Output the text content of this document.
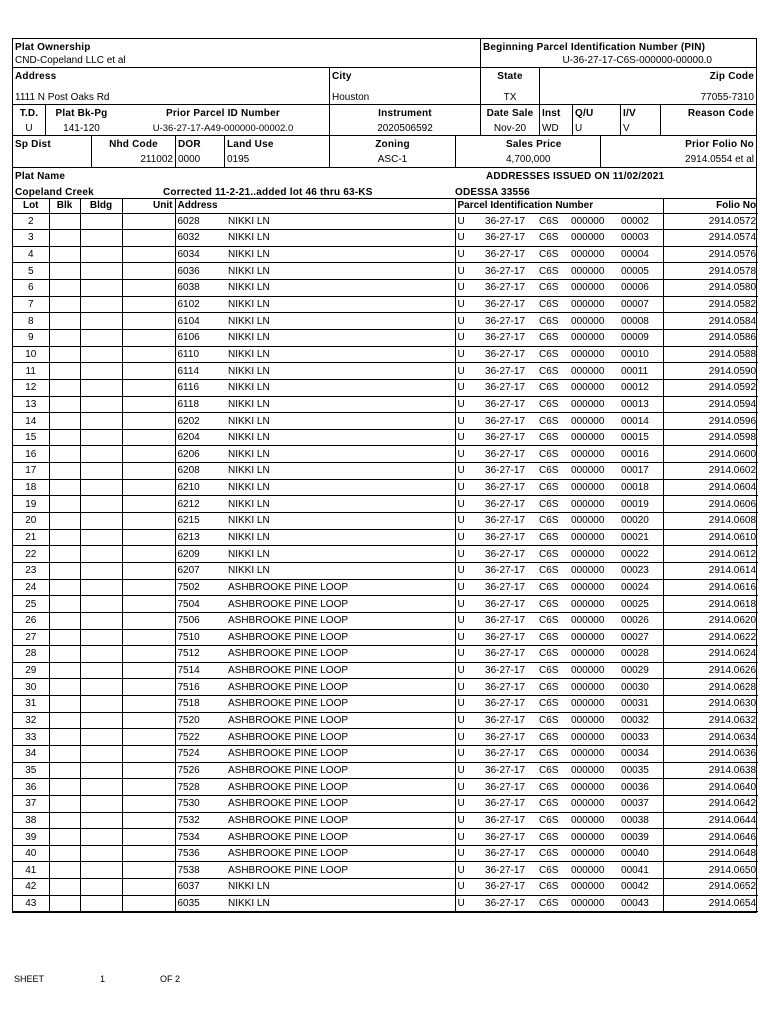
Plat Ownership
CND-Copeland LLC et al
Beginning Parcel Identification Number (PIN)
U-36-27-17-C6S-000000-00000.0
Address
1111 N Post Oaks Rd
City
Houston
State
TX
Zip Code
77055-7310
T.D.
U
Plat Bk-Pg
141-120
Prior Parcel ID Number
U-36-27-17-A49-000000-00002.0
Instrument
2020506592
Date Sale
Nov-20
Inst
WD
Q/U
U
I/V
V
Reason Code
Sp Dist	Nhd Code
211002
DOR
0000
Land Use
0195
Zoning
ASC-1
Sales Price
4,700,000
Prior Folio No
2914.0554 et al
Plat Name	ADDRESSES ISSUED ON 11/02/2021
Copeland Creek	Corrected 11-2-21..added lot 46 thru 63-KS	ODESSA 33556
Lot	Blk	Bldg	Unit	Address		Parcel Identification Number					Folio No
2				6028	NIKKI LN	U	36-27-17	C6S	000000	00002	2914.0572
3				6032	NIKKI LN	U	36-27-17	C6S	000000	00003	2914.0574
4				6034	NIKKI LN	U	36-27-17	C6S	000000	00004	2914.0576
5				6036	NIKKI LN	U	36-27-17	C6S	000000	00005	2914.0578
6				6038	NIKKI LN	U	36-27-17	C6S	000000	00006	2914.0580
7				6102	NIKKI LN	U	36-27-17	C6S	000000	00007	2914.0582
8				6104	NIKKI LN	U	36-27-17	C6S	000000	00008	2914.0584
9				6106	NIKKI LN	U	36-27-17	C6S	000000	00009	2914.0586
10				6110	NIKKI LN	U	36-27-17	C6S	000000	00010	2914.0588
11				6114	NIKKI LN	U	36-27-17	C6S	000000	00011	2914.0590
12				6116	NIKKI LN	U	36-27-17	C6S	000000	00012	2914.0592
13				6118	NIKKI LN	U	36-27-17	C6S	000000	00013	2914.0594
14				6202	NIKKI LN	U	36-27-17	C6S	000000	00014	2914.0596
15				6204	NIKKI LN	U	36-27-17	C6S	000000	00015	2914.0598
16				6206	NIKKI LN	U	36-27-17	C6S	000000	00016	2914.0600
17				6208	NIKKI LN	U	36-27-17	C6S	000000	00017	2914.0602
18				6210	NIKKI LN	U	36-27-17	C6S	000000	00018	2914.0604
19				6212	NIKKI LN	U	36-27-17	C6S	000000	00019	2914.0606
20				6215	NIKKI LN	U	36-27-17	C6S	000000	00020	2914.0608
21				6213	NIKKI LN	U	36-27-17	C6S	000000	00021	2914.0610
22				6209	NIKKI LN	U	36-27-17	C6S	000000	00022	2914.0612
23				6207	NIKKI LN	U	36-27-17	C6S	000000	00023	2914.0614
24				7502	ASHBROOKE PINE LOOP	U	36-27-17	C6S	000000	00024	2914.0616
25				7504	ASHBROOKE PINE LOOP	U	36-27-17	C6S	000000	00025	2914.0618
26				7506	ASHBROOKE PINE LOOP	U	36-27-17	C6S	000000	00026	2914.0620
27				7510	ASHBROOKE PINE LOOP	U	36-27-17	C6S	000000	00027	2914.0622
28				7512	ASHBROOKE PINE LOOP	U	36-27-17	C6S	000000	00028	2914.0624
29				7514	ASHBROOKE PINE LOOP	U	36-27-17	C6S	000000	00029	2914.0626
30				7516	ASHBROOKE PINE LOOP	U	36-27-17	C6S	000000	00030	2914.0628
31				7518	ASHBROOKE PINE LOOP	U	36-27-17	C6S	000000	00031	2914.0630
32				7520	ASHBROOKE PINE LOOP	U	36-27-17	C6S	000000	00032	2914.0632
33				7522	ASHBROOKE PINE LOOP	U	36-27-17	C6S	000000	00033	2914.0634
34				7524	ASHBROOKE PINE LOOP	U	36-27-17	C6S	000000	00034	2914.0636
35				7526	ASHBROOKE PINE LOOP	U	36-27-17	C6S	000000	00035	2914.0638
36				7528	ASHBROOKE PINE LOOP	U	36-27-17	C6S	000000	00036	2914.0640
37				7530	ASHBROOKE PINE LOOP	U	36-27-17	C6S	000000	00037	2914.0642
38				7532	ASHBROOKE PINE LOOP	U	36-27-17	C6S	000000	00038	2914.0644
39				7534	ASHBROOKE PINE LOOP	U	36-27-17	C6S	000000	00039	2914.0646
40				7536	ASHBROOKE PINE LOOP	U	36-27-17	C6S	000000	00040	2914.0648
41				7538	ASHBROOKE PINE LOOP	U	36-27-17	C6S	000000	00041	2914.0650
42				6037	NIKKI LN	U	36-27-17	C6S	000000	00042	2914.0652
43				6035	NIKKI LN	U	36-27-17	C6S	000000	00043	2914.0654
SHEET	1	OF 2
